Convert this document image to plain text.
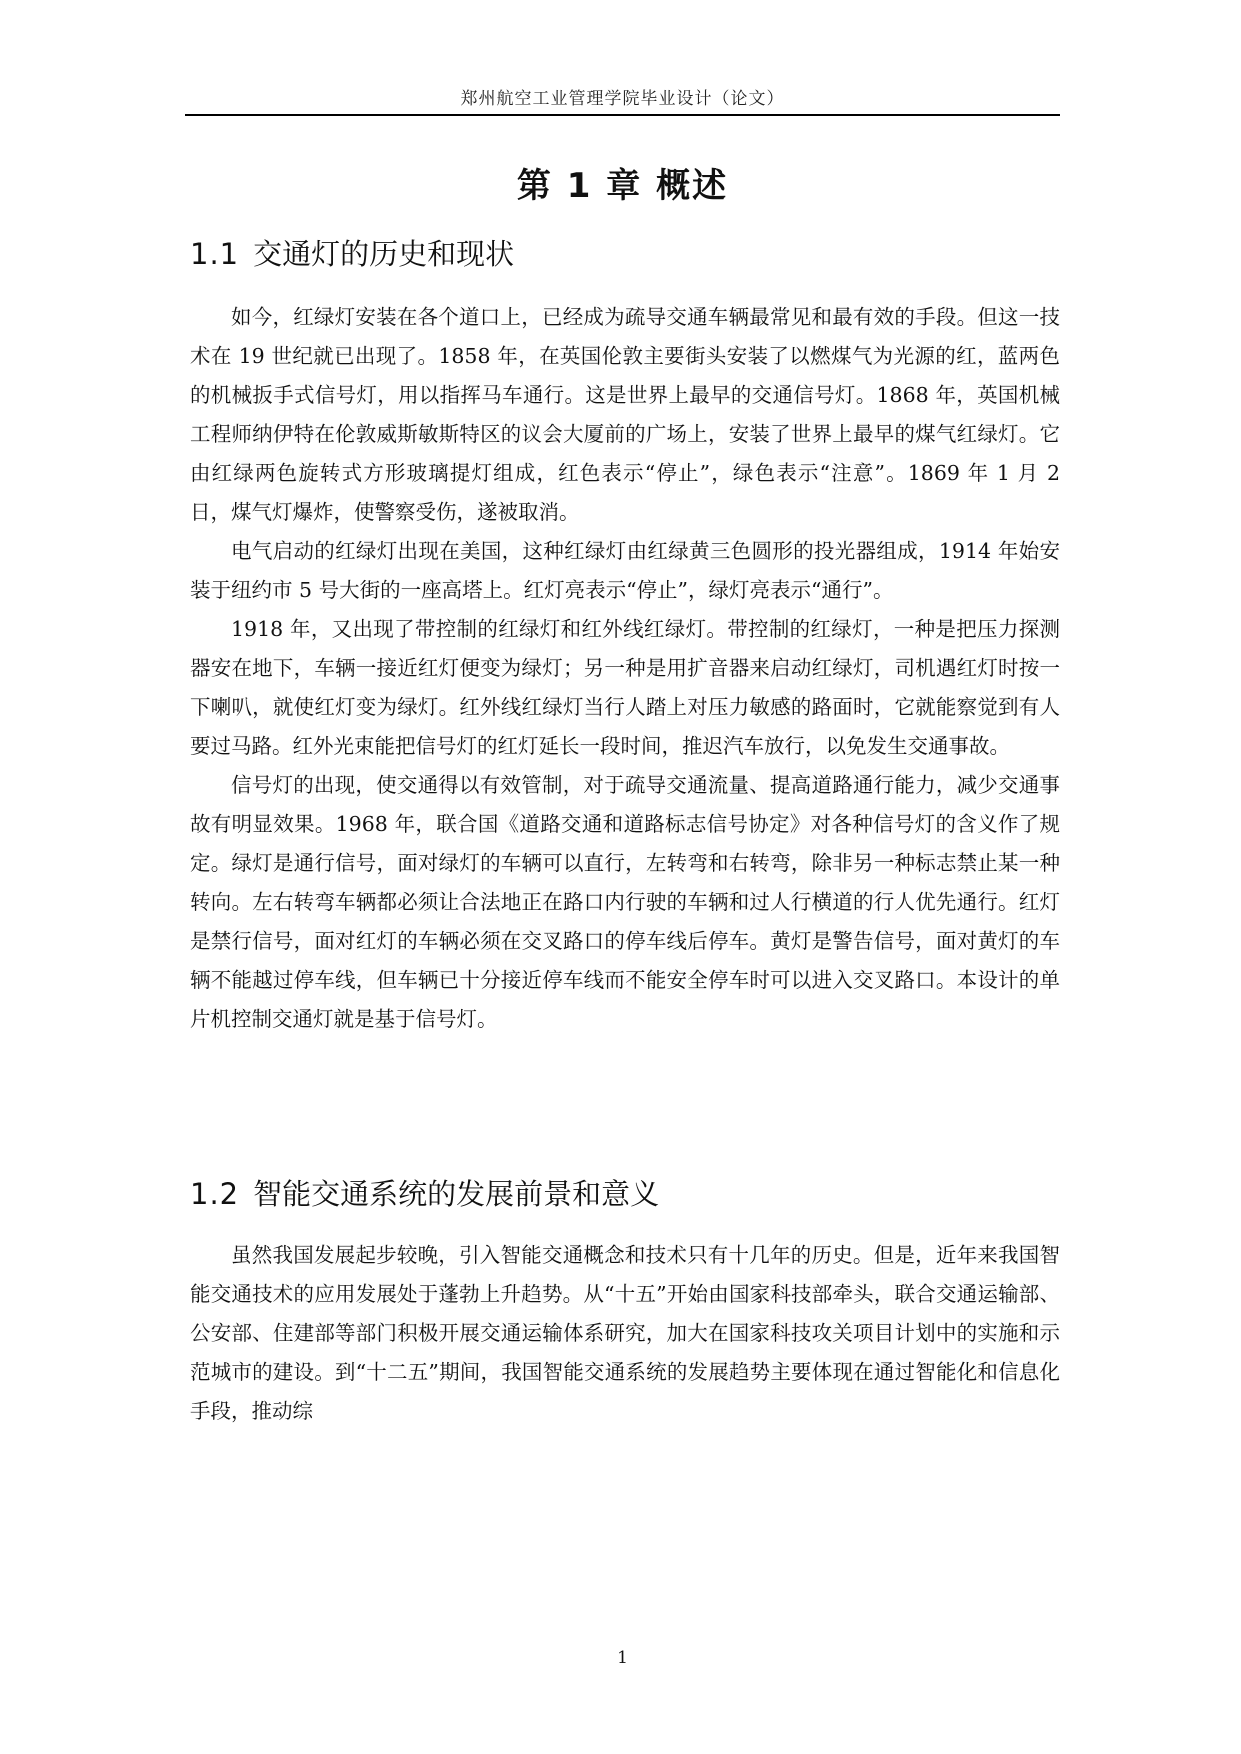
郑州航空工业管理学院毕业设计（论文）
第 1 章 概述
1.1 交通灯的历史和现状

如今，红绿灯安装在各个道口上，已经成为疏导交通车辆最常见和最有效的手段。但这一技术在 19 世纪就已出现了。1858 年，在英国伦敦主要街头安装了以燃煤气为光源的红，蓝两色的机械扳手式信号灯，用以指挥马车通行。这是世界上最早的交通信号灯。1868 年，英国机械工程师纳伊特在伦敦威斯敏斯特区的议会大厦前的广场上，安装了世界上最早的煤气红绿灯。它由红绿两色旋转式方形玻璃提灯组成，红色表示“停止”，绿色表示“注意”。1869 年 1 月 2 日，煤气灯爆炸，使警察受伤，遂被取消。

电气启动的红绿灯出现在美国，这种红绿灯由红绿黄三色圆形的投光器组成，1914 年始安装于纽约市 5 号大街的一座高塔上。红灯亮表示“停止”，绿灯亮表示“通行”。

1918 年，又出现了带控制的红绿灯和红外线红绿灯。带控制的红绿灯，一种是把压力探测器安在地下，车辆一接近红灯便变为绿灯；另一种是用扩音器来启动红绿灯，司机遇红灯时按一下喇叭，就使红灯变为绿灯。红外线红绿灯当行人踏上对压力敏感的路面时，它就能察觉到有人要过马路。红外光束能把信号灯的红灯延长一段时间，推迟汽车放行，以免发生交通事故。

信号灯的出现，使交通得以有效管制，对于疏导交通流量、提高道路通行能力，减少交通事故有明显效果。1968 年，联合国《道路交通和道路标志信号协定》对各种信号灯的含义作了规定。绿灯是通行信号，面对绿灯的车辆可以直行，左转弯和右转弯，除非另一种标志禁止某一种转向。左右转弯车辆都必须让合法地正在路口内行驶的车辆和过人行横道的行人优先通行。红灯是禁行信号，面对红灯的车辆必须在交叉路口的停车线后停车。黄灯是警告信号，面对黄灯的车辆不能越过停车线，但车辆已十分接近停车线而不能安全停车时可以进入交叉路口。本设计的单片机控制交通灯就是基于信号灯。

1.2 智能交通系统的发展前景和意义

虽然我国发展起步较晚，引入智能交通概念和技术只有十几年的历史。但是，近年来我国智能交通技术的应用发展处于蓬勃上升趋势。从“十五”开始由国家科技部牵头，联合交通运输部、公安部、住建部等部门积极开展交通运输体系研究，加大在国家科技攻关项目计划中的实施和示范城市的建设。到“十二五”期间，我国智能交通系统的发展趋势主要体现在通过智能化和信息化手段，推动综

1
